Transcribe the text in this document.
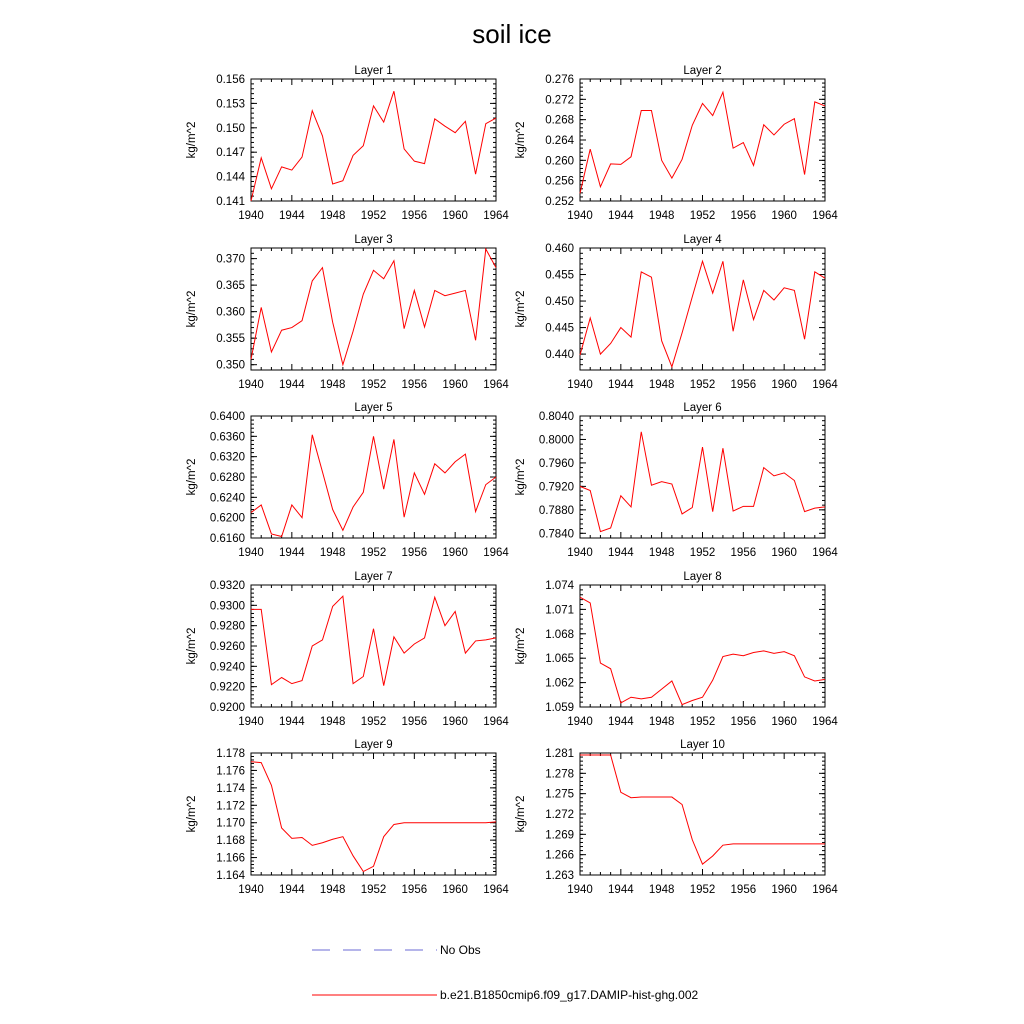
soil ice
Layer 1
kg/m^2
1940 1944 1948 1952 1956 1960 1964
0.141
0.144
0.147
0.150
0.153
0.156
Layer 2
kg/m^2
1940 1944 1948 1952 1956 1960 1964
0.252
0.256
0.260
0.264
0.268
0.272
0.276
Layer 3
kg/m^2
1940 1944 1948 1952 1956 1960 1964
0.350
0.355
0.360
0.365
0.370
Layer 4
kg/m^2
1940 1944 1948 1952 1956 1960 1964
0.440
0.445
0.450
0.455
0.460
Layer 5
kg/m^2
1940 1944 1948 1952 1956 1960 1964
0.6160
0.6200
0.6240
0.6280
0.6320
0.6360
0.6400
Layer 6
kg/m^2
1940 1944 1948 1952 1956 1960 1964
0.7840
0.7880
0.7920
0.7960
0.8000
0.8040
Layer 7
kg/m^2
1940 1944 1948 1952 1956 1960 1964
0.9200
0.9220
0.9240
0.9260
0.9280
0.9300
0.9320
Layer 8
kg/m^2
1940 1944 1948 1952 1956 1960 1964
1.059
1.062
1.065
1.068
1.071
1.074
Layer 9
kg/m^2
1940 1944 1948 1952 1956 1960 1964
1.164
1.166
1.168
1.170
1.172
1.174
1.176
1.178
Layer 10
kg/m^2
1940 1944 1948 1952 1956 1960 1964
1.263
1.266
1.269
1.272
1.275
1.278
1.281
No Obs
b.e21.B1850cmip6.f09_g17.DAMIP-hist-ghg.002
